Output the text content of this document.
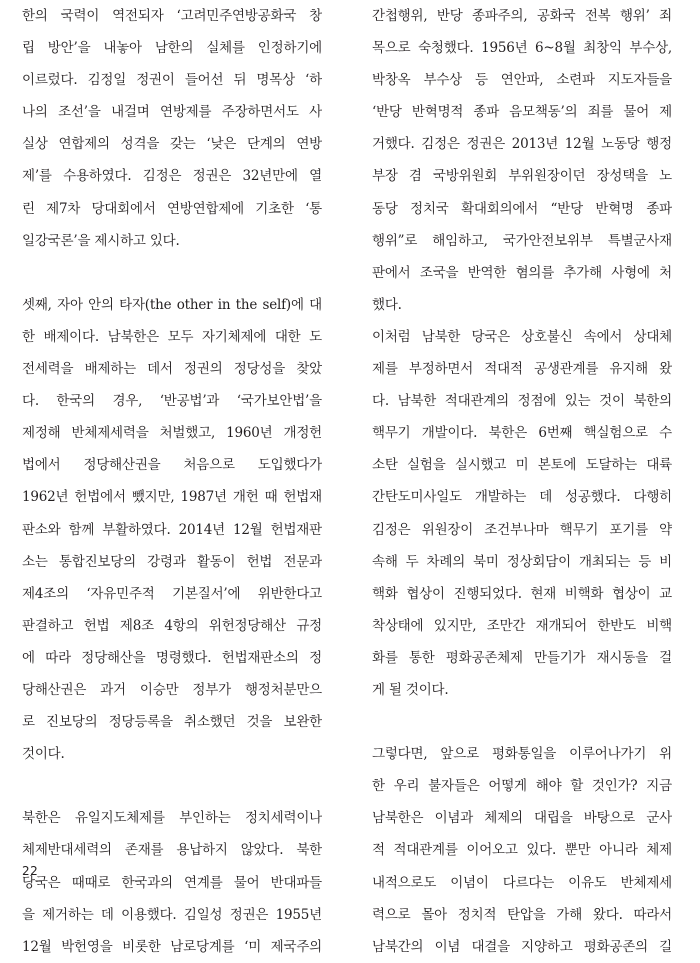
한의 국력이 역전되자 ‘고려민주연방공화국 창
립 방안’을 내놓아 남한의 실체를 인정하기에
이르렀다. 김정일 정권이 들어선 뒤 명목상 ‘하
나의 조선’을 내걸며 연방제를 주장하면서도 사
실상 연합제의 성격을 갖는 ‘낮은 단계의 연방
제’를 수용하였다. 김정은 정권은 32년만에 열
린 제7차 당대회에서 연방연합제에 기초한 ‘통
일강국론’을 제시하고 있다.
셋째, 자아 안의 타자(the other in the self)에 대
한 배제이다. 남북한은 모두 자기체제에 대한 도
전세력을 배제하는 데서 정권의 정당성을 찾았
다. 한국의 경우, ‘반공법’과 ‘국가보안법’을
제정해 반체제세력을 처벌했고, 1960년 개정헌
법에서 정당해산권을 처음으로 도입했다가
1962년 헌법에서 뺐지만, 1987년 개헌 때 헌법재
판소와 함께 부활하였다. 2014년 12월 헌법재판
소는 통합진보당의 강령과 활동이 헌법 전문과
제4조의 ‘자유민주적 기본질서’에 위반한다고
판결하고 헌법 제8조 4항의 위헌정당해산 규정
에 따라 정당해산을 명령했다. 헌법재판소의 정
당해산권은 과거 이승만 정부가 행정처분만으
로 진보당의 정당등록을 취소했던 것을 보완한
것이다.
북한은 유일지도체제를 부인하는 정치세력이나
체제반대세력의 존재를 용납하지 않았다. 북한
당국은 때때로 한국과의 연계를 물어 반대파들
을 제거하는 데 이용했다. 김일성 정권은 1955년
12월 박헌영을 비롯한 남로당계를 ‘미 제국주의
간첩행위, 반당 종파주의, 공화국 전복 행위’ 죄
목으로 숙청했다. 1956년 6~8월 최창익 부수상,
박창옥 부수상 등 연안파, 소련파 지도자들을
‘반당 반혁명적 종파 음모책동’의 죄를 물어 제
거했다. 김정은 정권은 2013년 12월 노동당 행정
부장 겸 국방위원회 부위원장이던 장성택을 노
동당 정치국 확대회의에서 “반당 반혁명 종파
행위”로 해임하고, 국가안전보위부 특별군사재
판에서 조국을 반역한 혐의를 추가해 사형에 처
했다.
이처럼 남북한 당국은 상호불신 속에서 상대체
제를 부정하면서 적대적 공생관계를 유지해 왔
다. 남북한 적대관계의 정점에 있는 것이 북한의
핵무기 개발이다. 북한은 6번째 핵실험으로 수
소탄 실험을 실시했고 미 본토에 도달하는 대륙
간탄도미사일도 개발하는 데 성공했다. 다행히
김정은 위원장이 조건부나마 핵무기 포기를 약
속해 두 차례의 북미 정상회담이 개최되는 등 비
핵화 협상이 진행되었다. 현재 비핵화 협상이 교
착상태에 있지만, 조만간 재개되어 한반도 비핵
화를 통한 평화공존체제 만들기가 재시동을 걸
게 될 것이다.
그렇다면, 앞으로 평화통일을 이루어나가기 위
한 우리 불자들은 어떻게 해야 할 것인가? 지금
남북한은 이념과 체제의 대립을 바탕으로 군사
적 적대관계를 이어오고 있다. 뿐만 아니라 체제
내적으로도 이념이 다르다는 이유도 반체제세
력으로 몰아 정치적 탄압을 가해 왔다. 따라서
남북간의 이념 대결을 지양하고 평화공존의 길
22
